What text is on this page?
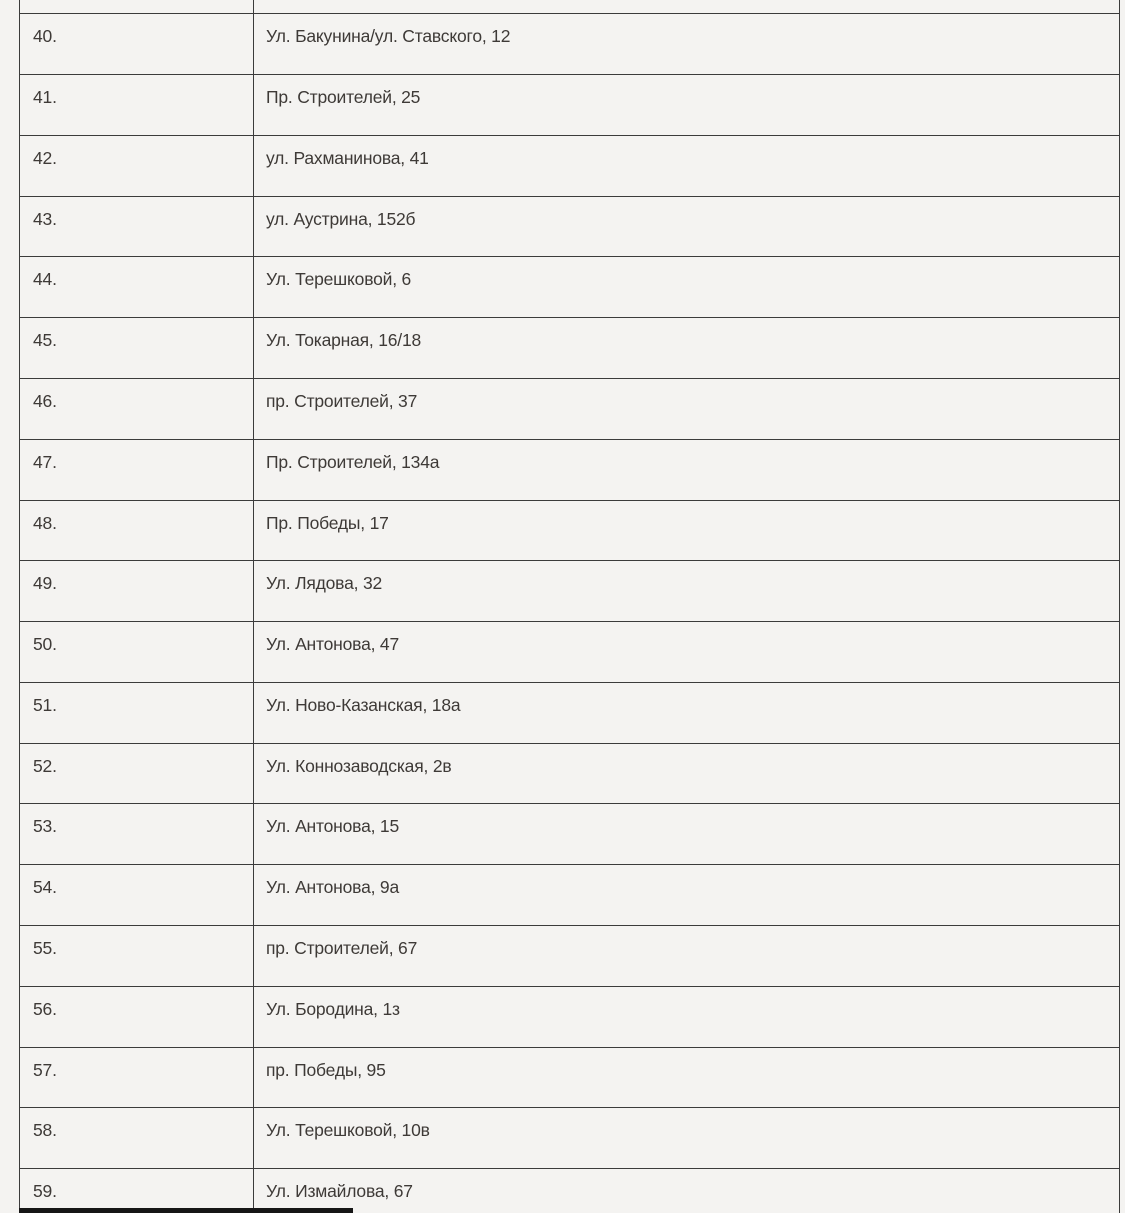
40.	Ул. Бакунина/ул. Ставского, 12
41.	Пр. Строителей, 25
42.	ул. Рахманинова, 41
43.	ул. Аустрина, 152б
44.	Ул. Терешковой, 6
45.	Ул. Токарная, 16/18
46.	пр. Строителей, 37
47.	Пр. Строителей, 134а
48.	Пр. Победы, 17
49.	Ул. Лядова, 32
50.	Ул. Антонова, 47
51.	Ул. Ново-Казанская, 18а
52.	Ул. Коннозаводская, 2в
53.	Ул. Антонова, 15
54.	Ул. Антонова, 9а
55.	пр. Строителей, 67
56.	Ул. Бородина, 1з
57.	пр. Победы, 95
58.	Ул. Терешковой, 10в
59.	Ул. Измайлова, 67
